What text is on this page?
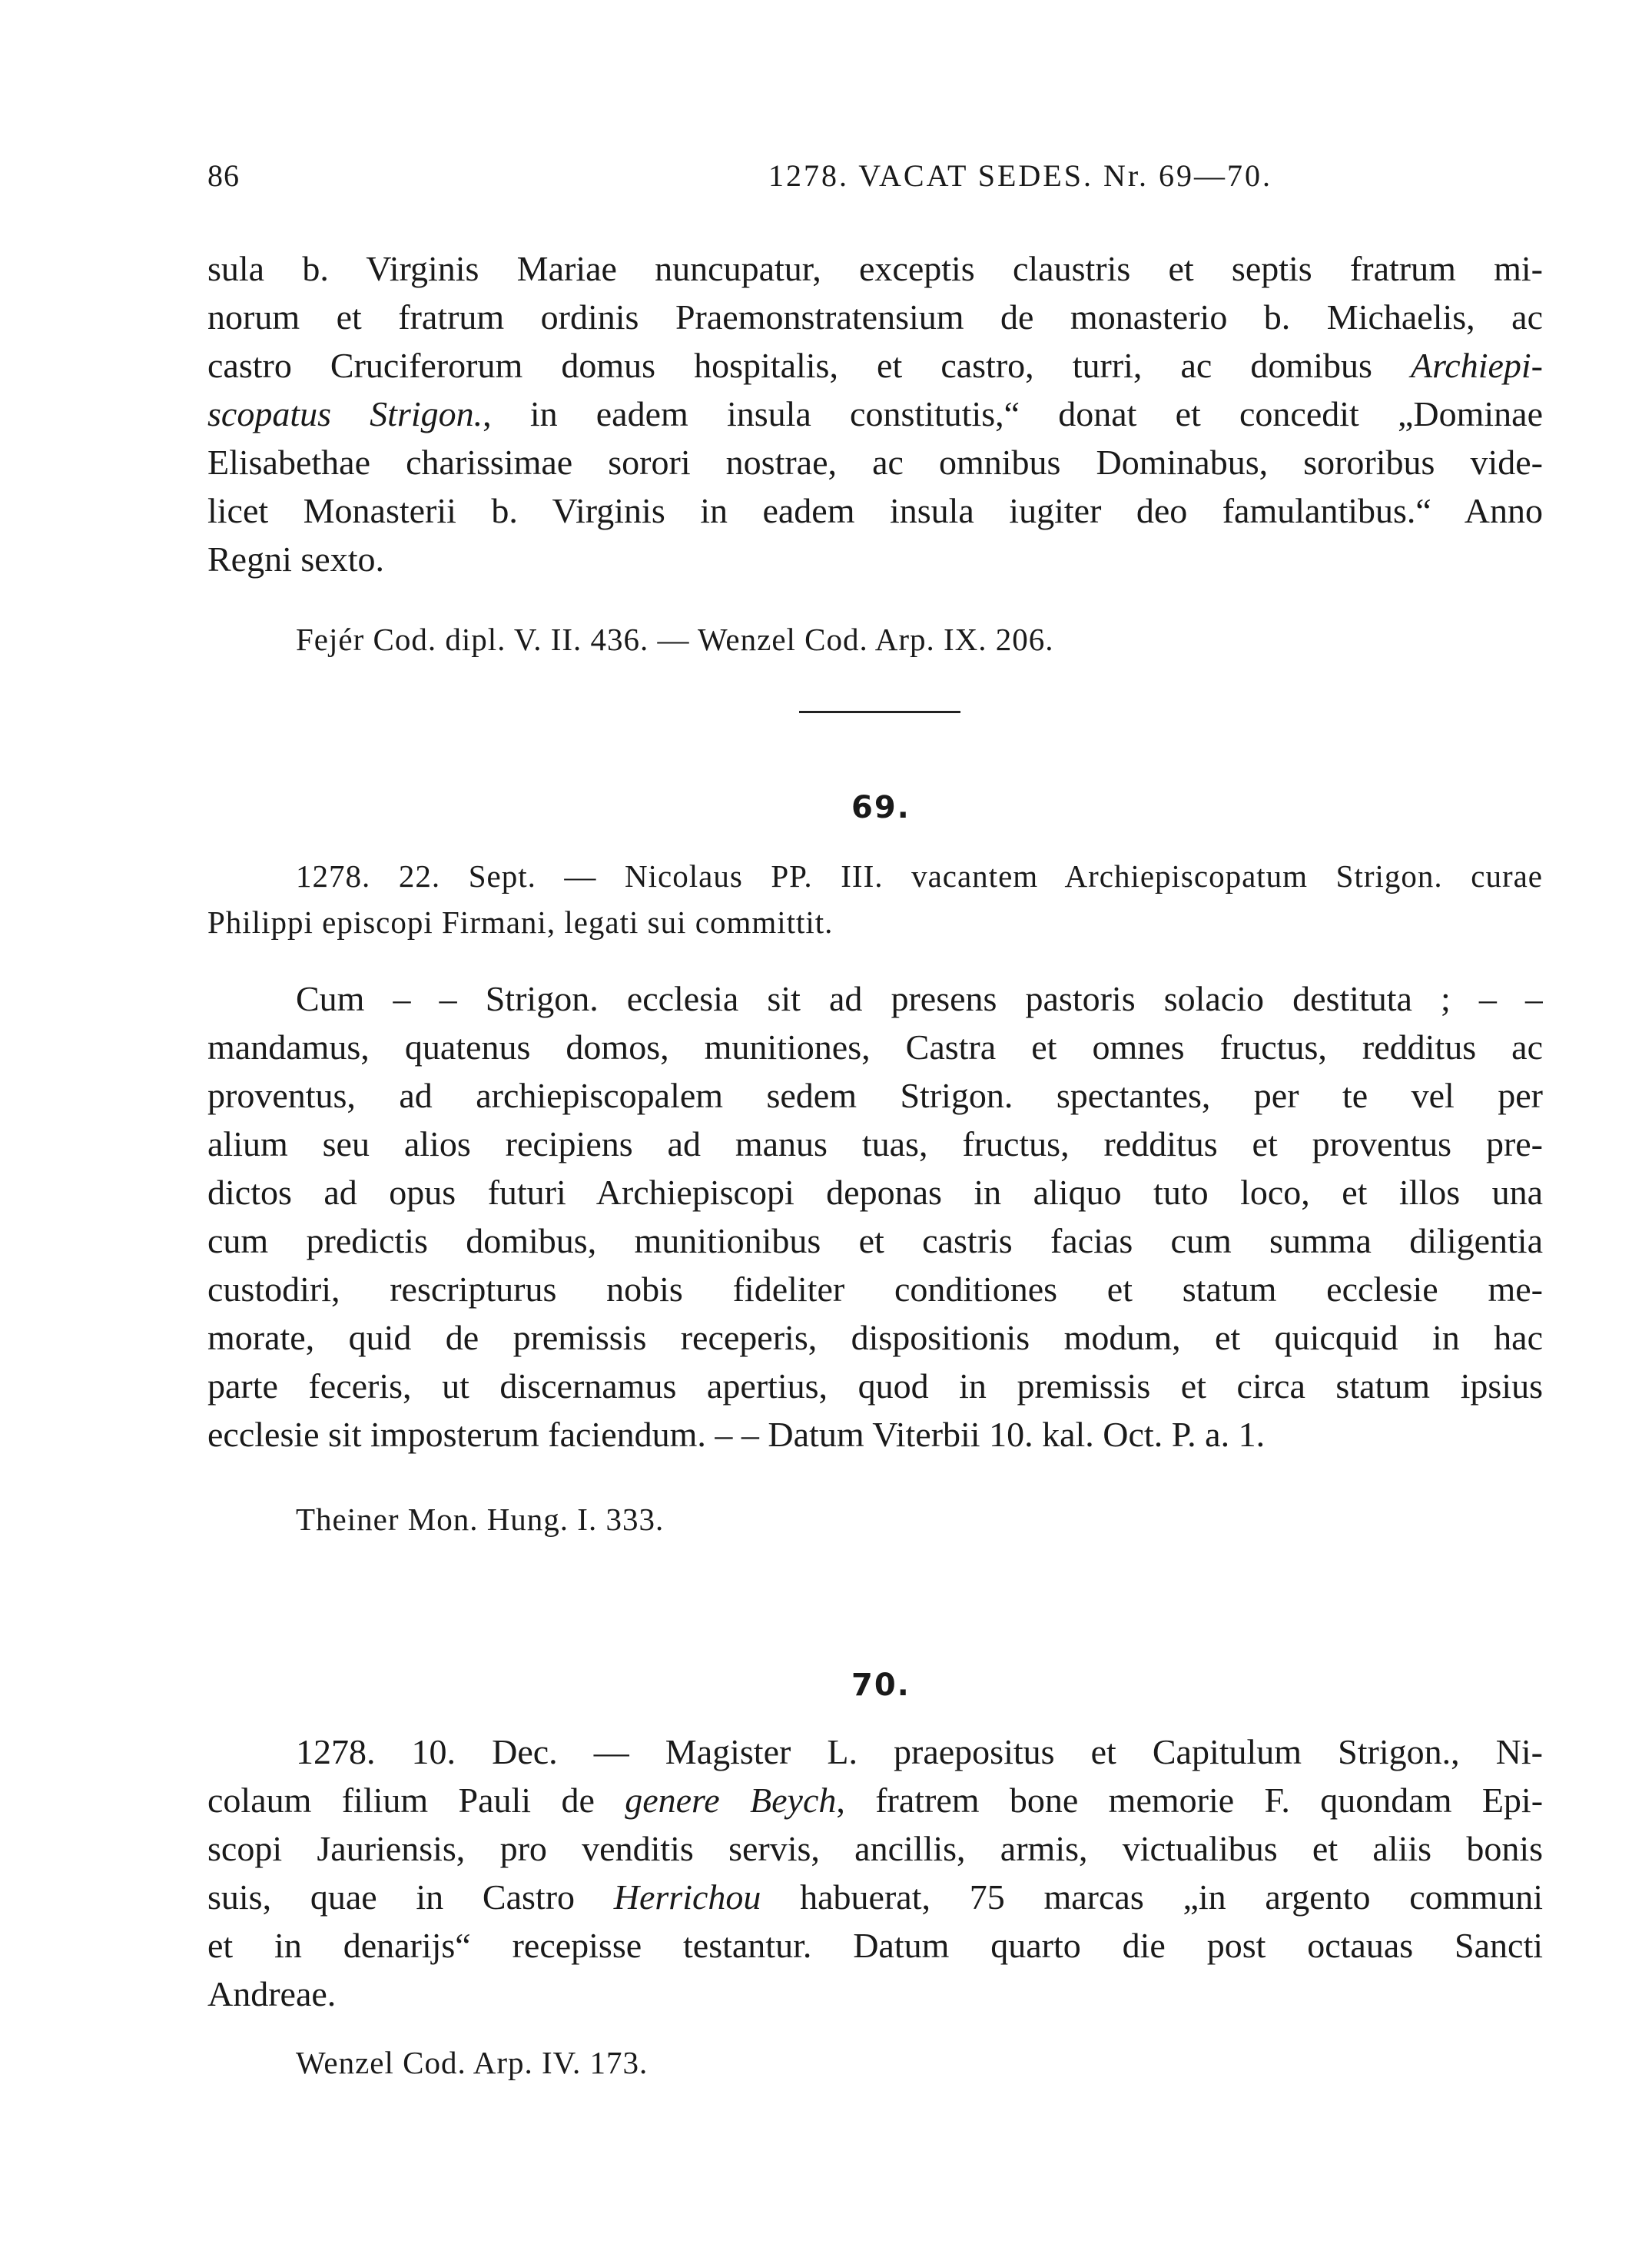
86	1278. VACAT SEDES. Nr. 69—70.
sula b. Virginis Mariae nuncupatur, exceptis claustris et septis fratrum mi-
norum et fratrum ordinis Praemonstratensium de monasterio b. Michaelis, ac
castro Cruciferorum domus hospitalis, et castro, turri, ac domibus Archiepi-
scopatus Strigon., in eadem insula constitutis,“ donat et concedit „Dominae
Elisabethae charissimae sorori nostrae, ac omnibus Dominabus, sororibus vide-
licet Monasterii b. Virginis in eadem insula iugiter deo famulantibus.“ Anno
Regni sexto.
Fejér Cod. dipl. V. II. 436. — Wenzel Cod. Arp. IX. 206.
69.
1278. 22. Sept. — Nicolaus PP. III. vacantem Archiepiscopatum Strigon. curae
Philippi episcopi Firmani, legati sui committit.
Cum – – Strigon. ecclesia sit ad presens pastoris solacio destituta ; – –
mandamus, quatenus domos, munitiones, Castra et omnes fructus, redditus ac
proventus, ad archiepiscopalem sedem Strigon. spectantes, per te vel per
alium seu alios recipiens ad manus tuas, fructus, redditus et proventus pre-
dictos ad opus futuri Archiepiscopi deponas in aliquo tuto loco, et illos una
cum predictis domibus, munitionibus et castris facias cum summa diligentia
custodiri, rescripturus nobis fideliter conditiones et statum ecclesie me-
morate, quid de premissis receperis, dispositionis modum, et quicquid in hac
parte feceris, ut discernamus apertius, quod in premissis et circa statum ipsius
ecclesie sit imposterum faciendum. – – Datum Viterbii 10. kal. Oct. P. a. 1.
Theiner Mon. Hung. I. 333.
70.
1278. 10. Dec. — Magister L. praepositus et Capitulum Strigon., Ni-
colaum filium Pauli de genere Beych, fratrem bone memorie F. quondam Epi-
scopi Jauriensis, pro venditis servis, ancillis, armis, victualibus et aliis bonis
suis, quae in Castro Herrichou habuerat, 75 marcas „in argento communi
et in denarijs“ recepisse testantur. Datum quarto die post octauas Sancti
Andreae.
Wenzel Cod. Arp. IV. 173.
